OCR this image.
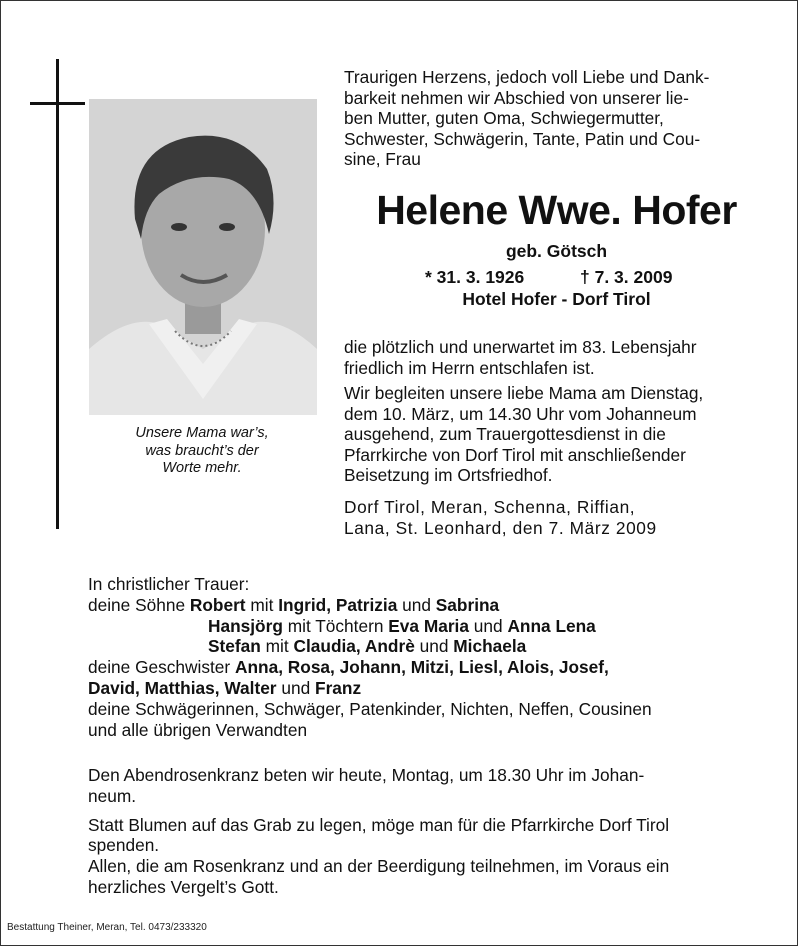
Unsere Mama war’s,
was braucht’s der
Worte mehr.
Traurigen Herzens, jedoch voll Liebe und Dank-
barkeit nehmen wir Abschied von unserer lie-
ben Mutter, guten Oma, Schwiegermutter,
Schwester, Schwägerin, Tante, Patin und Cou-
sine, Frau
Helene Wwe. Hofer
geb. Götsch
* 31. 3. 1926	† 7. 3. 2009
Hotel Hofer - Dorf Tirol
die plötzlich und unerwartet im 83. Lebensjahr
friedlich im Herrn entschlafen ist.
Wir begleiten unsere liebe Mama am Dienstag,
dem 10. März, um 14.30 Uhr vom Johanneum
ausgehend, zum Trauergottesdienst in die
Pfarrkirche von Dorf Tirol mit anschließender
Beisetzung im Ortsfriedhof.
Dorf Tirol, Meran, Schenna, Riffian,
Lana, St. Leonhard, den 7. März 2009
In christlicher Trauer:
deine Söhne Robert mit Ingrid, Patrizia und Sabrina
Hansjörg mit Töchtern Eva Maria und Anna Lena
Stefan mit Claudia, Andrè und Michaela
deine Geschwister Anna, Rosa, Johann, Mitzi, Liesl, Alois, Josef,
David, Matthias, Walter und Franz
deine Schwägerinnen, Schwäger, Patenkinder, Nichten, Neffen, Cousinen
und alle übrigen Verwandten
Den Abendrosenkranz beten wir heute, Montag, um 18.30 Uhr im Johan-
neum.
Statt Blumen auf das Grab zu legen, möge man für die Pfarrkirche Dorf Tirol
spenden.
Allen, die am Rosenkranz und an der Beerdigung teilnehmen, im Voraus ein
herzliches Vergelt’s Gott.
Bestattung Theiner, Meran, Tel. 0473/233320
